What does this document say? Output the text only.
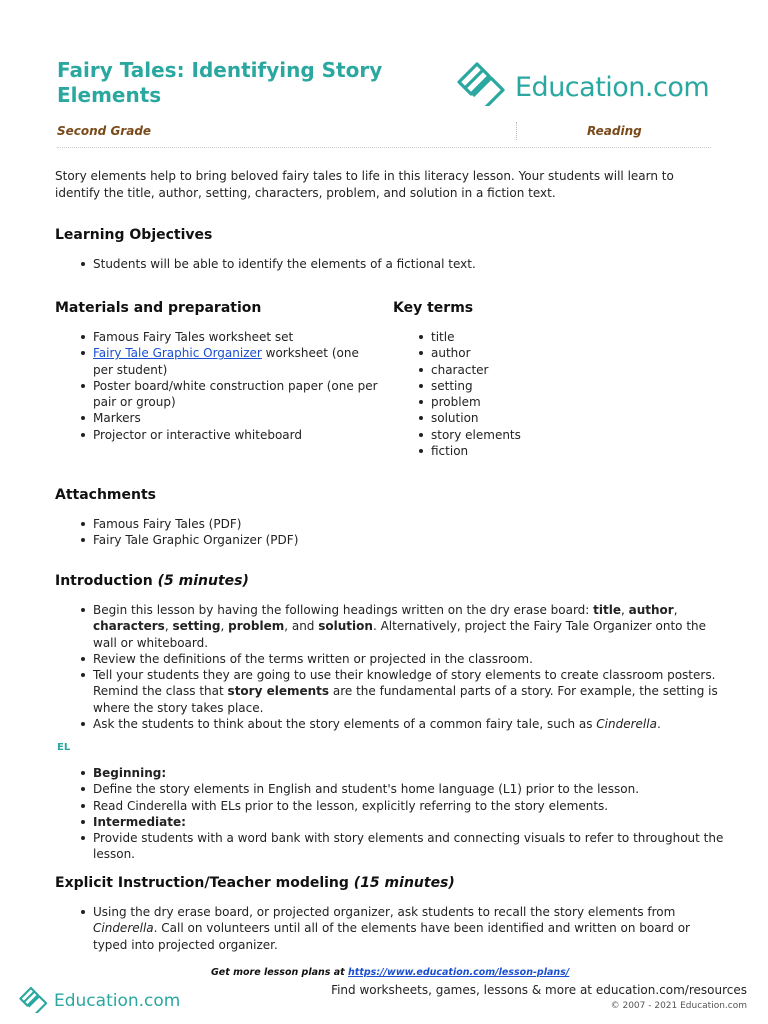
Fairy Tales: Identifying Story Elements	Education.com
Second Grade	Reading

Story elements help to bring beloved fairy tales to life in this literacy lesson. Your students will learn to identify the title, author, setting, characters, problem, and solution in a fiction text.

Learning Objectives
Students will be able to identify the elements of a fictional text.
Materials and preparation
Famous Fairy Tales worksheet set
Fairy Tale Graphic Organizer worksheet (one per student)
Poster board/white construction paper (one per pair or group)
Markers
Projector or interactive whiteboard
Key terms
title
author
character
setting
problem
solution
story elements
fiction
Attachments
Famous Fairy Tales (PDF)
Fairy Tale Graphic Organizer (PDF)
Introduction (5 minutes)
Begin this lesson by having the following headings written on the dry erase board: title, author, characters, setting, problem, and solution. Alternatively, project the Fairy Tale Organizer onto the wall or whiteboard.
Review the definitions of the terms written or projected in the classroom.
Tell your students they are going to use their knowledge of story elements to create classroom posters. Remind the class that story elements are the fundamental parts of a story. For example, the setting is where the story takes place.
Ask the students to think about the story elements of a common fairy tale, such as Cinderella.
EL
Beginning:
Define the story elements in English and student's home language (L1) prior to the lesson.
Read Cinderella with ELs prior to the lesson, explicitly referring to the story elements.
Intermediate:
Provide students with a word bank with story elements and connecting visuals to refer to throughout the lesson.
Explicit Instruction/Teacher modeling (15 minutes)
Using the dry erase board, or projected organizer, ask students to recall the story elements from Cinderella. Call on volunteers until all of the elements have been identified and written on board or typed into projected organizer.
Get more lesson plans at https://www.education.com/lesson-plans/
Education.com
Find worksheets, games, lessons & more at education.com/resources
© 2007 - 2021 Education.com
